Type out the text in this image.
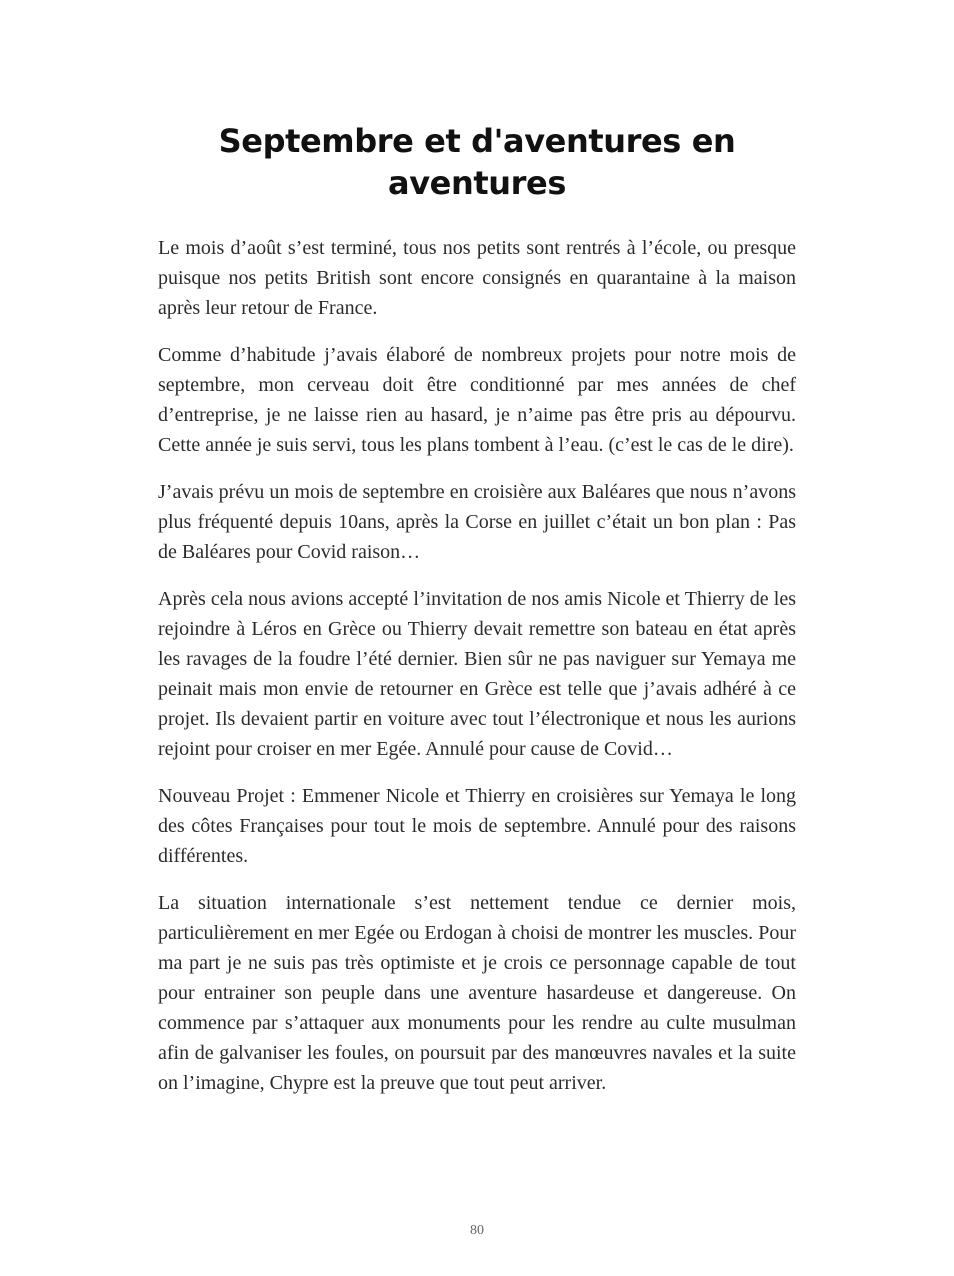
Septembre et d'aventures en aventures

Le mois d’août s’est terminé, tous nos petits sont rentrés à l’école, ou presque puisque nos petits British sont encore consignés en quarantaine à la maison après leur retour de France.

Comme d’habitude j’avais élaboré de nombreux projets pour notre mois de septembre, mon cerveau doit être conditionné par mes années de chef d’entreprise, je ne laisse rien au hasard, je n’aime pas être pris au dépourvu. Cette année je suis servi, tous les plans tombent à l’eau. (c’est le cas de le dire).

J’avais prévu un mois de septembre en croisière aux Baléares que nous n’avons plus fréquenté depuis 10ans, après la Corse en juillet c’était un bon plan : Pas de Baléares pour Covid raison…

Après cela nous avions accepté l’invitation de nos amis Nicole et Thierry de les rejoindre à Léros en Grèce ou Thierry devait remettre son bateau en état après les ravages de la foudre l’été dernier. Bien sûr ne pas naviguer sur Yemaya me peinait mais mon envie de retourner en Grèce est telle que j’avais adhéré à ce projet. Ils devaient partir en voiture avec tout l’électronique et nous les aurions rejoint pour croiser en mer Egée. Annulé pour cause de Covid…

Nouveau Projet : Emmener Nicole et Thierry en croisières sur Yemaya le long des côtes Françaises pour tout le mois de septembre. Annulé pour des raisons différentes.

La situation internationale s’est nettement tendue ce dernier mois, particulièrement en mer Egée ou Erdogan à choisi de montrer les muscles. Pour ma part je ne suis pas très optimiste et je crois ce personnage capable de tout pour entrainer son peuple dans une aventure hasardeuse et dangereuse. On commence par s’attaquer aux monuments pour les rendre au culte musulman afin de galvaniser les foules, on poursuit par des manœuvres navales et la suite on l’imagine, Chypre est la preuve que tout peut arriver.

80
